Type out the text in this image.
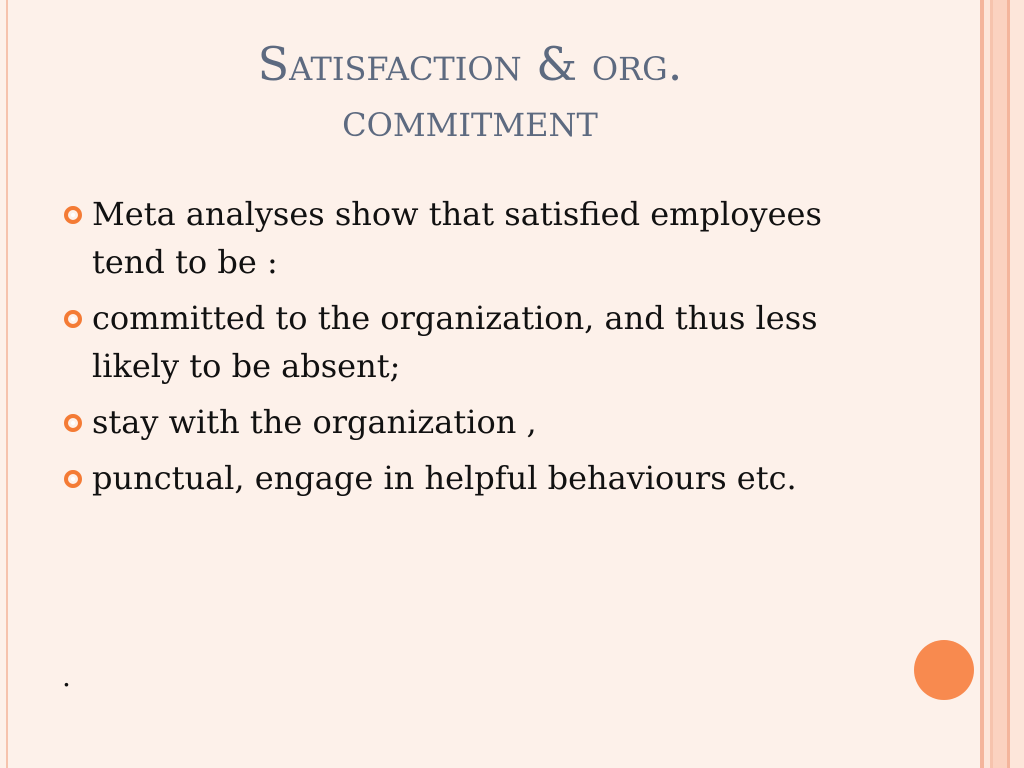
Satisfaction & org.
commitment
Meta analyses show that satisfied employees tend to be :
committed to the organization, and thus less likely to be absent;
stay with the organization ,
punctual, engage in helpful behaviours etc.
.
